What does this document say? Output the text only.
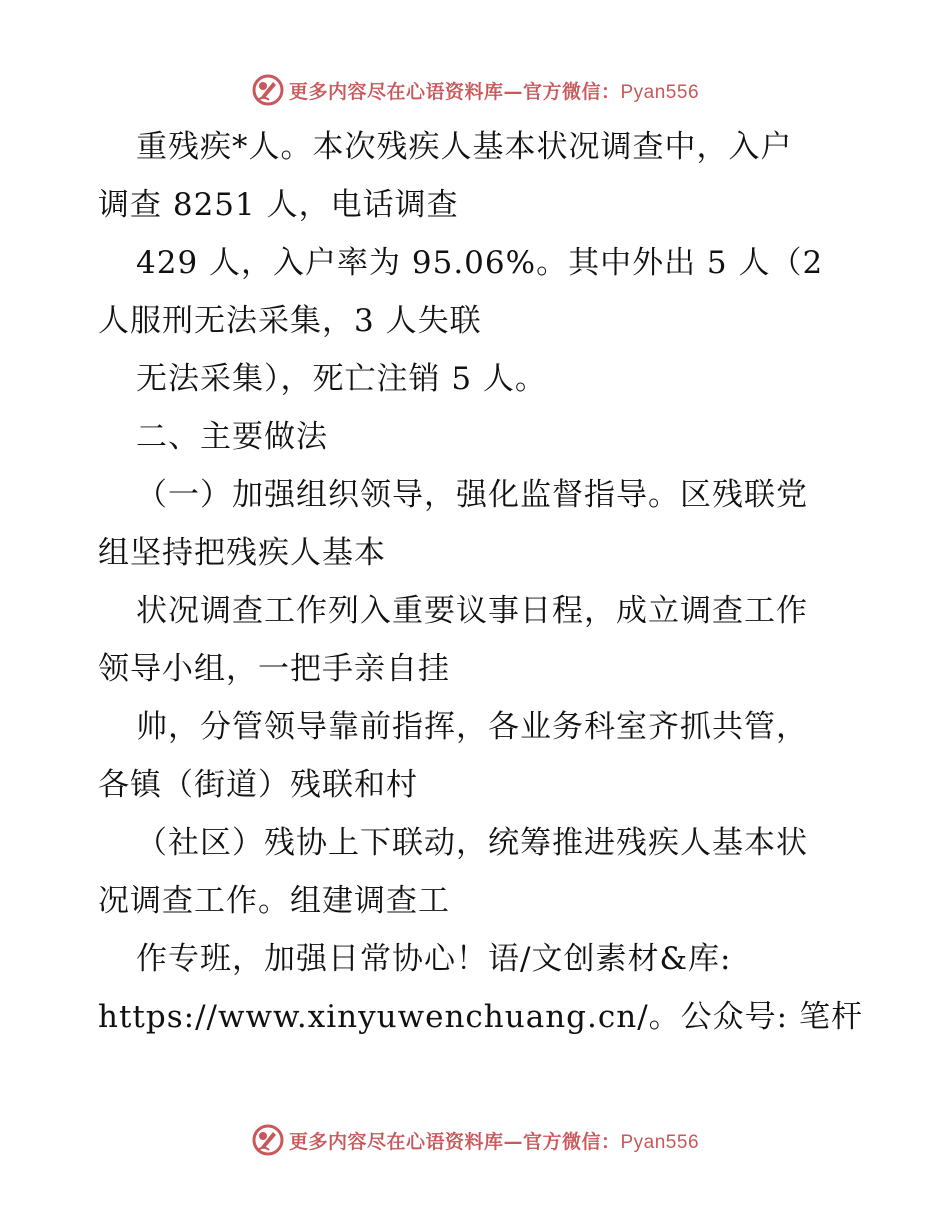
更多内容尽在心语资料库—官方微信：Pyan556
重残疾*人。本次残疾人基本状况调查中，入户
调查 8251 人，电话调查
429 人，入户率为 95.06%。其中外出 5 人（2
人服刑无法采集，3 人失联
无法采集），死亡注销 5 人。
二、主要做法
（一）加强组织领导，强化监督指导。区残联党
组坚持把残疾人基本
状况调查工作列入重要议事日程，成立调查工作
领导小组，一把手亲自挂
帅，分管领导靠前指挥，各业务科室齐抓共管，
各镇（街道）残联和村
（社区）残协上下联动，统筹推进残疾人基本状
况调查工作。组建调查工
作专班，加强日常协心！语/文创素材&库:
https://www.xinyuwenchuang.cn/。公众号: 笔杆
更多内容尽在心语资料库—官方微信：Pyan556
